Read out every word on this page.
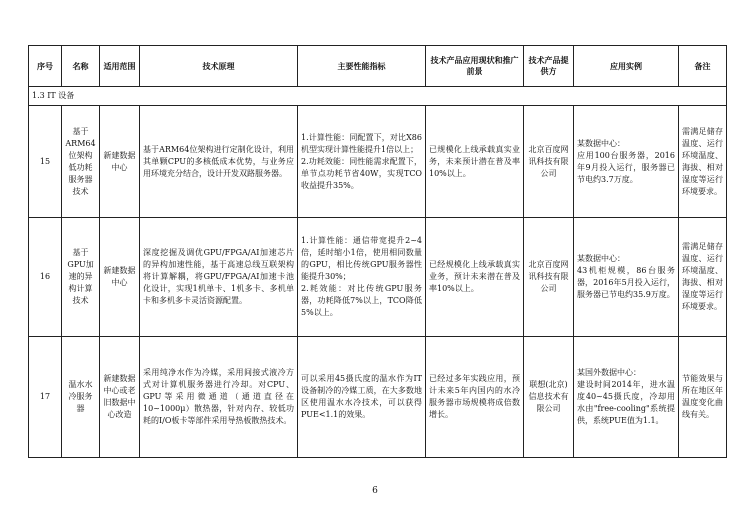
序号	名称	适用范围	技术原理	主要性能指标	技术产品应用现状和推广前景	技术产品提供方	应用实例	备注
1.3 IT 设备								
15	基于ARM64位架构低功耗服务器技术	新建数据中心	基于ARM64位架构进行定制化设计，利用其单颗CPU的多核低成本优势，与业务应用环境充分结合，设计开发双路服务器。	1.计算性能：同配置下，对比X86机型实现计算性能提升1倍以上；
2.功耗效能：同性能需求配置下，单节点功耗节省40W，实现TCO收益提升35%。	已规模化上线承载真实业务，未来预计潜在普及率10%以上。	北京百度网讯科技有限公司	某数据中心：
应用100台服务器，2016年9月投入运行，服务器已节电约3.7万度。	需满足储存温度、运行环境温度、海拔、相对湿度等运行环境要求。
16	基于GPU加速的异构计算技术	新建数据中心	深度挖掘及调优GPU/FPGA/AI加速芯片的异构加速性能，基于高速总线互联架构将计算解耦，将GPU/FPGA/AI加速卡池化设计，实现1机单卡、1机多卡、多机单卡和多机多卡灵活资源配置。	1.计算性能：通信带宽提升2~4倍，延时缩小1倍，使用相同数量的GPU，相比传统GPU服务器性能提升30%；
2.耗效能：对比传统GPU服务器，功耗降低7%以上，TCO降低5%以上。	已经规模化上线承载真实业务，预计未来潜在普及率10%以上。	北京百度网讯科技有限公司	某数据中心：
43机柜规模，86台服务器，2016年5月投入运行，服务器已节电约35.9万度。	需满足储存温度、运行环境温度、海拔、相对湿度等运行环境要求。
17	温水水冷服务器	新建数据中心或老旧数据中心改造	采用纯净水作为冷媒，采用间接式液冷方式对计算机服务器进行冷却。对CPU、GPU等采用微通道（通道直径在10~1000μ）散热器，针对内存、较低功耗的I/O板卡等部件采用导热板散热技术。	可以采用45摄氏度的温水作为IT设备制冷的冷媒工质，在大多数地区使用温水水冷技术，可以获得PUE<1.1的效果。	已经过多年实践应用，预计未来5年内国内的水冷服务器市场规模将成倍数增长。	联想(北京)信息技术有限公司	某国外数据中心：
建设时间2014年，进水温度40~45摄氏度，冷却用水由"free-cooling"系统提供，系统PUE值为1.1。	节能效果与所在地区年温度变化曲线有关。
6
